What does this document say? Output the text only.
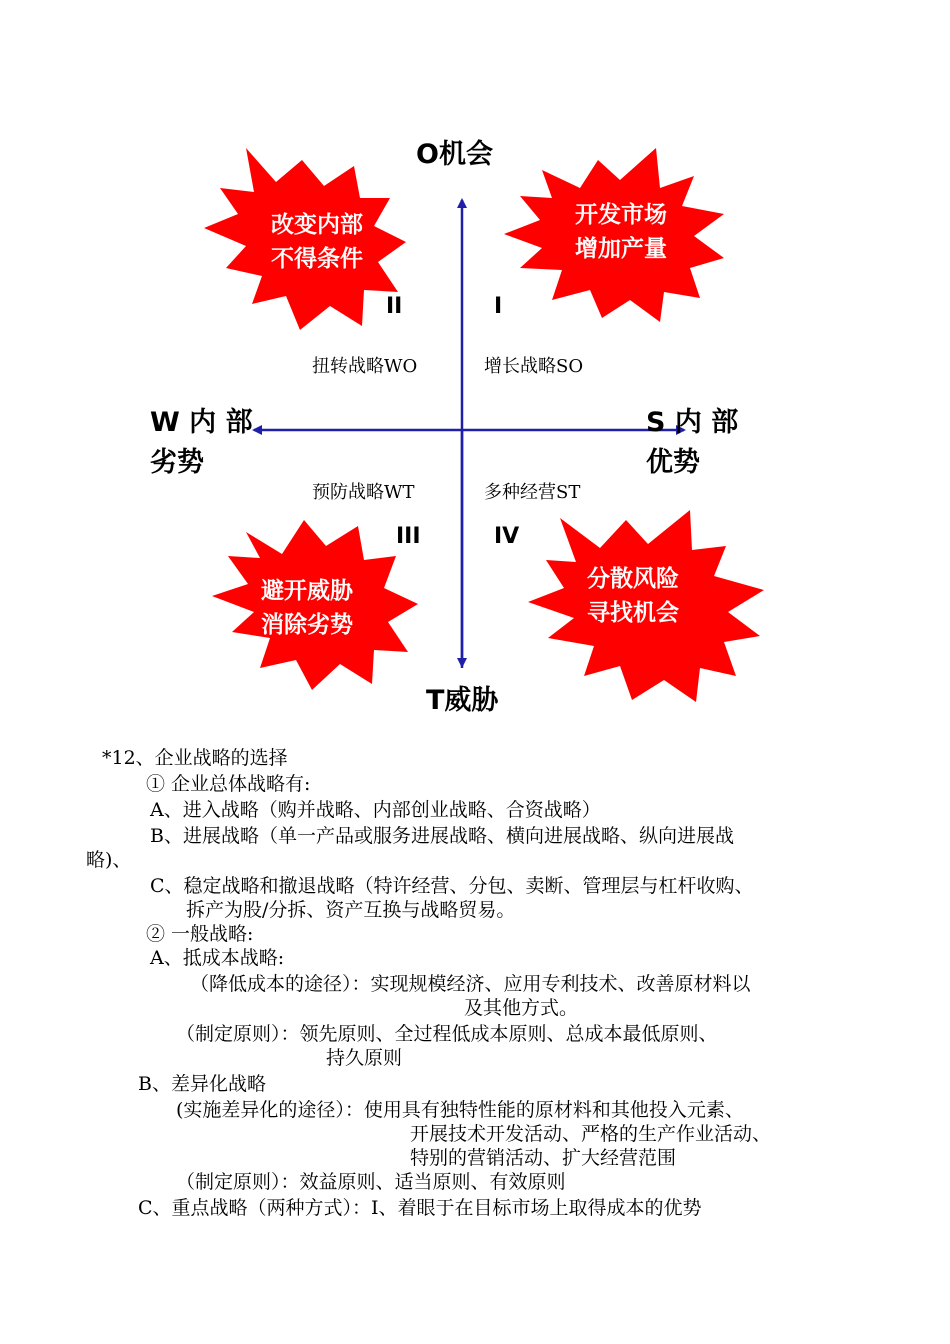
O机会
T威胁
W 内 部
劣势
S 内 部
优势
I
II
III	IV
增长战略SO
扭转战略WO
预防战略WT	多种经营ST
改变内部
不得条件
开发市场
增加产量
避开威胁
消除劣势
分散风险
寻找机会
*12、企业战略的选择
① 企业总体战略有:
A、进入战略（购并战略、内部创业战略、合资战略）
B、进展战略（单一产品或服务进展战略、横向进展战略、纵向进展战
略)、
C、稳定战略和撤退战略（特许经营、分包、卖断、管理层与杠杆收购、
拆产为股/分拆、资产互换与战略贸易。
② 一般战略:
A、抵成本战略:
（降低成本的途径）：实现规模经济、应用专利技术、改善原材料以
及其他方式。
（制定原则）：领先原则、全过程低成本原则、总成本最低原则、
持久原则
B、差异化战略
(实施差异化的途径）：使用具有独特性能的原材料和其他投入元素、
开展技术开发活动、严格的生产作业活动、
特别的营销活动、扩大经营范围
（制定原则）：效益原则、适当原则、有效原则
C、重点战略（两种方式）：Ⅰ、着眼于在目标市场上取得成本的优势
